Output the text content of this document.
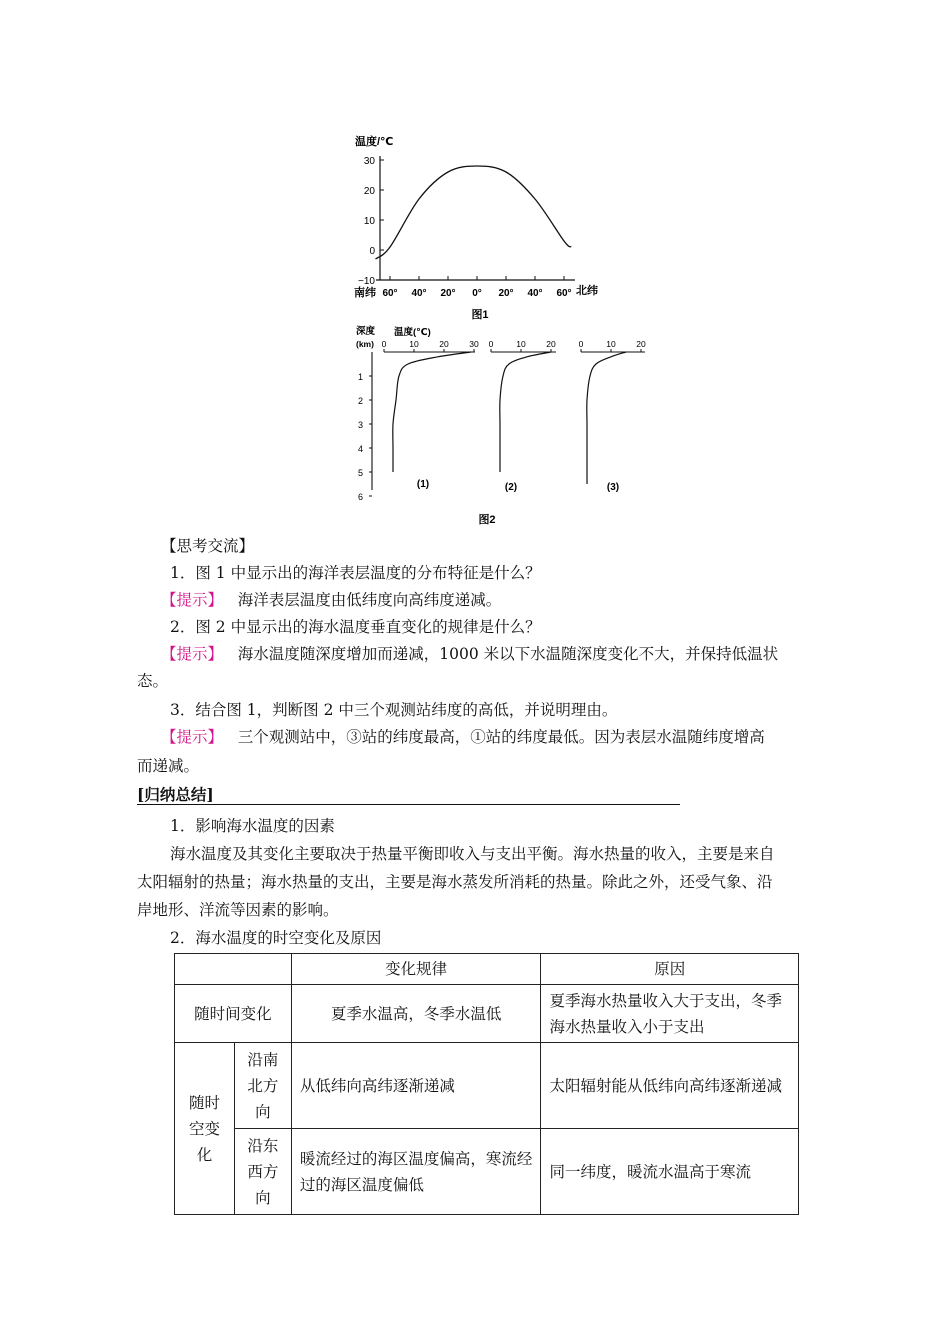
温度/℃
30
20
10
0
−10
60° 40° 20° 0° 20° 40° 60°
南纬	北纬
图1
深度
(km)
温度(℃)
1
2
3
4
5
6
0	10 20 30 0	10 20	0	10 20
(1)	(2)	(3)
图2
【思考交流】
1．图 1 中显示出的海洋表层温度的分布特征是什么？
【提示】 海洋表层温度由低纬度向高纬度递减。
2．图 2 中显示出的海水温度垂直变化的规律是什么？
【提示】 海水温度随深度增加而递减，1000 米以下水温随深度变化不大，并保持低温状
态。
3．结合图 1，判断图 2 中三个观测站纬度的高低，并说明理由。
【提示】 三个观测站中，③站的纬度最高，①站的纬度最低。因为表层水温随纬度增高
而递减。
[归纳总结]
1．影响海水温度的因素
海水温度及其变化主要取决于热量平衡即收入与支出平衡。海水热量的收入，主要是来自
太阳辐射的热量；海水热量的支出，主要是海水蒸发所消耗的热量。除此之外，还受气象、沿
岸地形、洋流等因素的影响。
2．海水温度的时空变化及原因
		变化规律	原因
随时间变化		夏季水温高，冬季水温低	夏季海水热量收入大于支出，冬季海水热量收入小于支出
随时空变化	沿南北方向	从低纬向高纬逐渐递减	太阳辐射能从低纬向高纬逐渐递减
	沿东西方向	暖流经过的海区温度偏高，寒流经过的海区温度偏低	同一纬度，暖流水温高于寒流
